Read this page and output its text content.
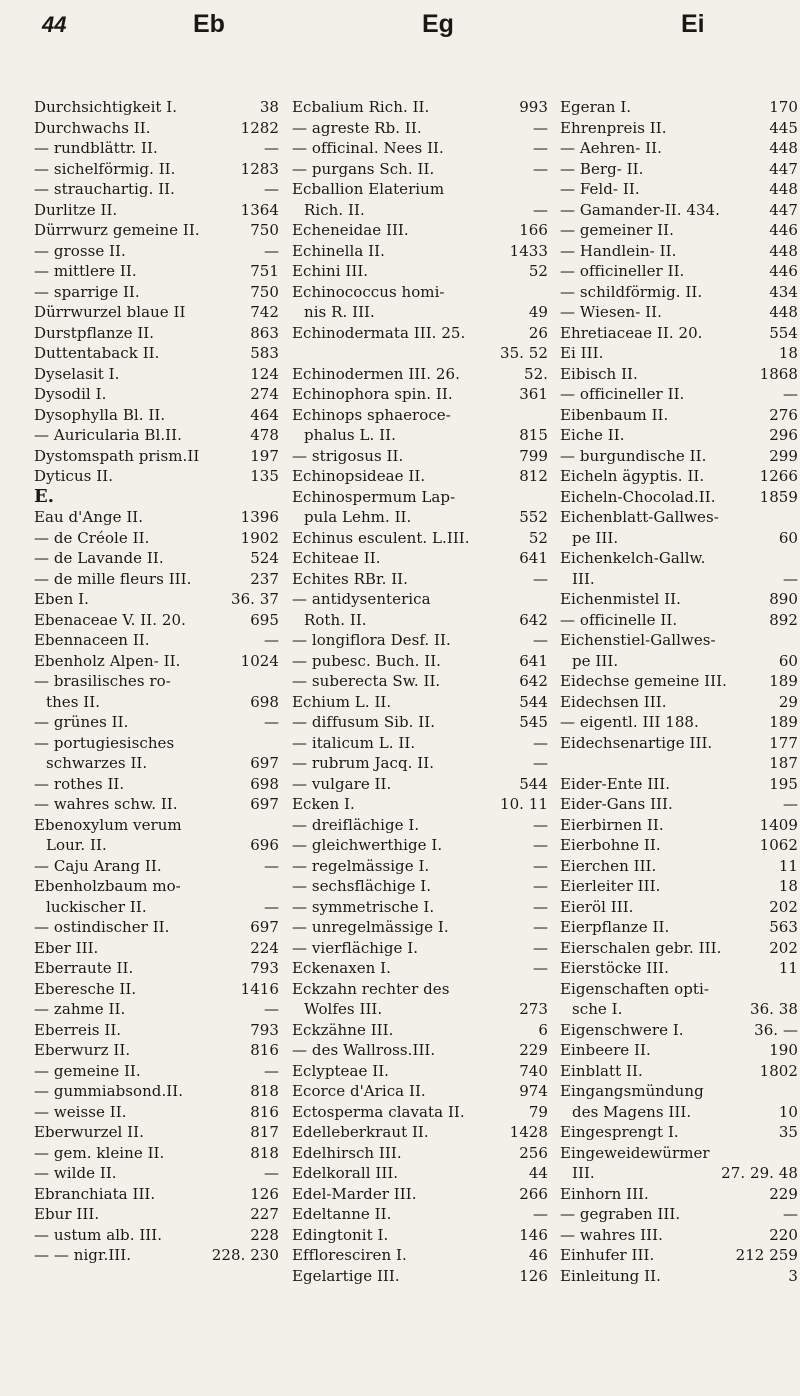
44	Eb	Eg	Ei
Durchsichtigkeit I.	38
Durchwachs II.	1282
— rundblättr. II.	—
— sichelförmig. II.	1283
— strauchartig. II.	—
Durlitze II.	1364
Dürrwurz gemeine II.	750
— grosse II.	—
— mittlere II.	751
— sparrige II.	750
Dürrwurzel blaue II	742
Durstpflanze II.	863
Duttentaback II.	583
Dyselasit I.	124
Dysodil I.	274
Dysophylla Bl. II.	464
— Auricularia Bl.II.	478
Dystomspath prism.II	197
Dyticus II.	135
E.
Eau d'Ange II.	1396
— de Créole II.	1902
— de Lavande II.	524
— de mille fleurs III.	237
Eben I.	36. 37
Ebenaceae V. II. 20.	695
Ebennaceen II.	—
Ebenholz Alpen- II.	1024
— brasilisches ro-
thes II.	698
— grünes II.	—
— portugiesisches
schwarzes II.	697
— rothes II.	698
— wahres schw. II.	697
Ebenoxylum verum
Lour. II.	696
— Caju Arang II.	—
Ebenholzbaum mo-
luckischer II.	—
— ostindischer II.	697
Eber III.	224
Eberraute II.	793
Eberesche II.	1416
— zahme II.	—
Eberreis II.	793
Eberwurz II.	816
— gemeine II.	—
— gummiabsond.II.	818
— weisse II.	816
Eberwurzel II.	817
— gem. kleine II.	818
— wilde II.	—
Ebranchiata III.	126
Ebur III.	227
— ustum alb. III.	228
— — nigr.III.	228. 230
Ecbalium Rich. II.	993
— agreste Rb. II.	—
— officinal. Nees II.	—
— purgans Sch. II.	—
Ecballion Elaterium
Rich. II.	—
Echeneidae III.	166
Echinella II.	1433
Echini III.	52
Echinococcus homi-
nis R. III.	49
Echinodermata III. 25.	26
35. 52
Echinodermen III. 26.	52.
Echinophora spin. II.	361
Echinops sphaeroce-
phalus L. II.	815
— strigosus II.	799
Echinopsideae II.	812
Echinospermum Lap-
pula Lehm. II.	552
Echinus esculent. L.III.	52
Echiteae II.	641
Echites RBr. II.	—
— antidysenterica
Roth. II.	642
— longiflora Desf. II.	—
— pubesc. Buch. II.	641
— suberecta Sw. II.	642
Echium L. II.	544
— diffusum Sib. II.	545
— italicum L. II.	—
— rubrum Jacq. II.	—
— vulgare II.	544
Ecken I.	10. 11
— dreiflächige I.	—
— gleichwerthige I.	—
— regelmässige I.	—
— sechsflächige I.	—
— symmetrische I.	—
— unregelmässige I.	—
— vierflächige I.	—
Eckenaxen I.	—
Eckzahn rechter des
Wolfes III.	273
Eckzähne III.	6
— des Wallross.III.	229
Eclypteae II.	740
Ecorce d'Arica II.	974
Ectosperma clavata II.	79
Edelleberkraut II.	1428
Edelhirsch III.	256
Edelkorall III.	44
Edel-Marder III.	266
Edeltanne II.	—
Edingtonit I.	146
Effloresciren I.	46
Egelartige III.	126
Egeran I.	170
Ehrenpreis II.	445
— Aehren- II.	448
— Berg- II.	447
— Feld- II.	448
— Gamander-II. 434.	447
— gemeiner II.	446
— Handlein- II.	448
— officineller II.	446
— schildförmig. II.	434
— Wiesen- II.	448
Ehretiaceae II. 20.	554
Ei III.	18
Eibisch II.	1868
— officineller II.	—
Eibenbaum II.	276
Eiche II.	296
— burgundische II.	299
Eicheln ägyptis. II.	1266
Eicheln-Chocolad.II.	1859
Eichenblatt-Gallwes-
pe III.	60
Eichenkelch-Gallw.
III.	—
Eichenmistel II.	890
— officinelle II.	892
Eichenstiel-Gallwes-
pe III.	60
Eidechse gemeine III.	189
Eidechsen III.	29
— eigentl. III 188.	189
Eidechsenartige III.	177
187
Eider-Ente III.	195
Eider-Gans III.	—
Eierbirnen II.	1409
Eierbohne II.	1062
Eierchen III.	11
Eierleiter III.	18
Eieröl III.	202
Eierpflanze II.	563
Eierschalen gebr. III.	202
Eierstöcke III.	11
Eigenschaften opti-
sche I.	36. 38
Eigenschwere I.	36. —
Einbeere II.	190
Einblatt II.	1802
Eingangsmündung
des Magens III.	10
Eingesprengt I.	35
Eingeweidewürmer
III.	27. 29. 48
Einhorn III.	229
— gegraben III.	—
— wahres III.	220
Einhufer III.	212 259
Einleitung II.	3
